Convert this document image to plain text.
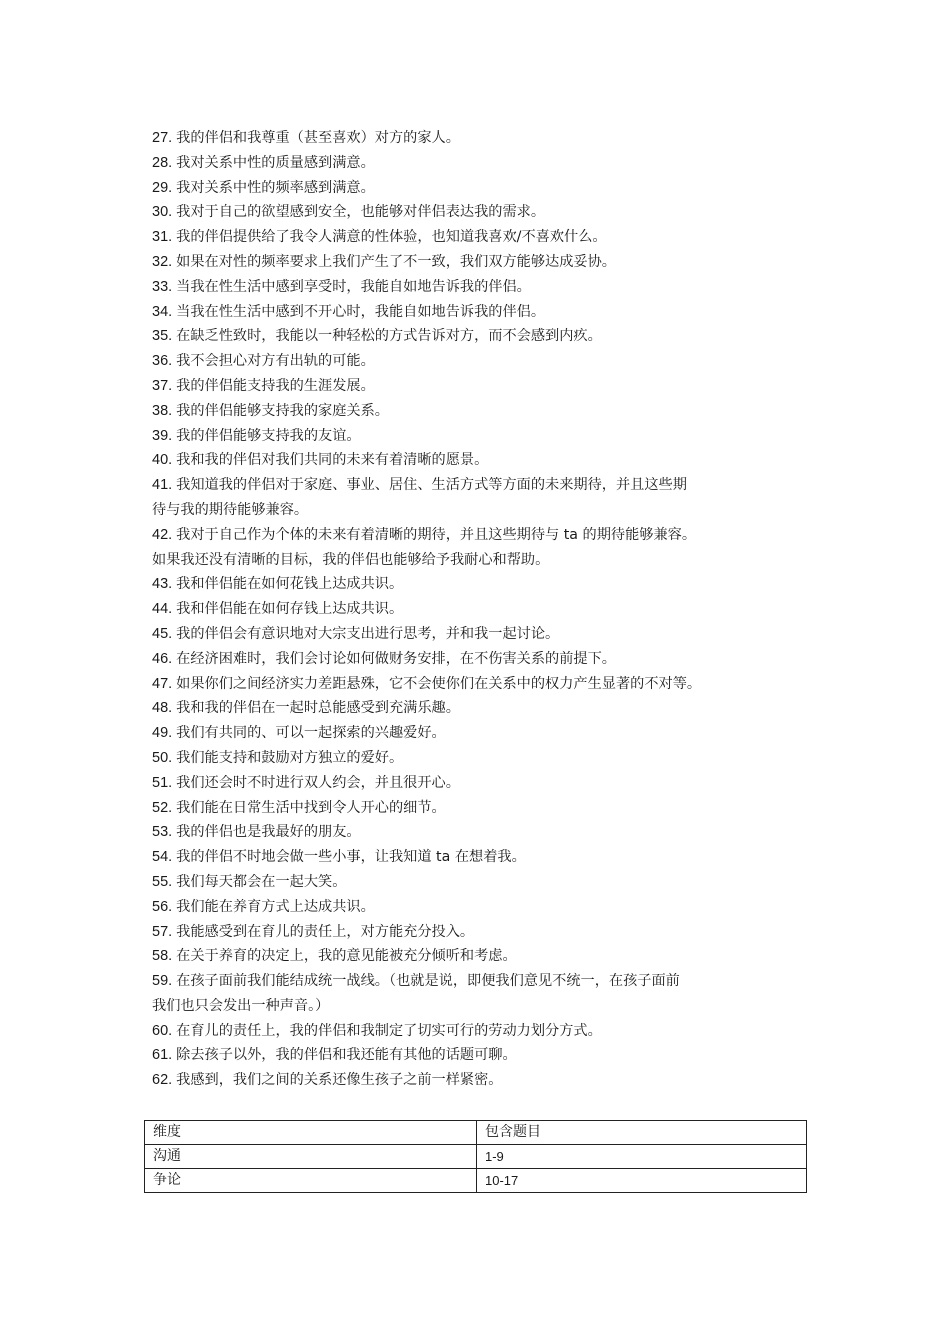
27. 我的伴侣和我尊重（甚至喜欢）对方的家人。
28. 我对关系中性的质量感到满意。
29. 我对关系中性的频率感到满意。
30. 我对于自己的欲望感到安全，也能够对伴侣表达我的需求。
31. 我的伴侣提供给了我令人满意的性体验，也知道我喜欢/不喜欢什么。
32. 如果在对性的频率要求上我们产生了不一致，我们双方能够达成妥协。
33. 当我在性生活中感到享受时，我能自如地告诉我的伴侣。
34. 当我在性生活中感到不开心时，我能自如地告诉我的伴侣。
35. 在缺乏性致时，我能以一种轻松的方式告诉对方，而不会感到内疚。
36. 我不会担心对方有出轨的可能。
37. 我的伴侣能支持我的生涯发展。
38. 我的伴侣能够支持我的家庭关系。
39. 我的伴侣能够支持我的友谊。
40. 我和我的伴侣对我们共同的未来有着清晰的愿景。
41. 我知道我的伴侣对于家庭、事业、居住、生活方式等方面的未来期待，并且这些期
待与我的期待能够兼容。
42. 我对于自己作为个体的未来有着清晰的期待，并且这些期待与 ta 的期待能够兼容。
如果我还没有清晰的目标，我的伴侣也能够给予我耐心和帮助。
43. 我和伴侣能在如何花钱上达成共识。
44. 我和伴侣能在如何存钱上达成共识。
45. 我的伴侣会有意识地对大宗支出进行思考，并和我一起讨论。
46. 在经济困难时，我们会讨论如何做财务安排，在不伤害关系的前提下。
47. 如果你们之间经济实力差距悬殊，它不会使你们在关系中的权力产生显著的不对等。
48. 我和我的伴侣在一起时总能感受到充满乐趣。
49. 我们有共同的、可以一起探索的兴趣爱好。
50. 我们能支持和鼓励对方独立的爱好。
51. 我们还会时不时进行双人约会，并且很开心。
52. 我们能在日常生活中找到令人开心的细节。
53. 我的伴侣也是我最好的朋友。
54. 我的伴侣不时地会做一些小事，让我知道 ta 在想着我。
55. 我们每天都会在一起大笑。
56. 我们能在养育方式上达成共识。
57. 我能感受到在育儿的责任上，对方能充分投入。
58. 在关于养育的决定上，我的意见能被充分倾听和考虑。
59. 在孩子面前我们能结成统一战线。（也就是说，即便我们意见不统一，在孩子面前
我们也只会发出一种声音。）
60. 在育儿的责任上，我的伴侣和我制定了切实可行的劳动力划分方式。
61. 除去孩子以外，我的伴侣和我还能有其他的话题可聊。
62. 我感到，我们之间的关系还像生孩子之前一样紧密。
维度	包含题目
沟通	1-9
争论	10-17
